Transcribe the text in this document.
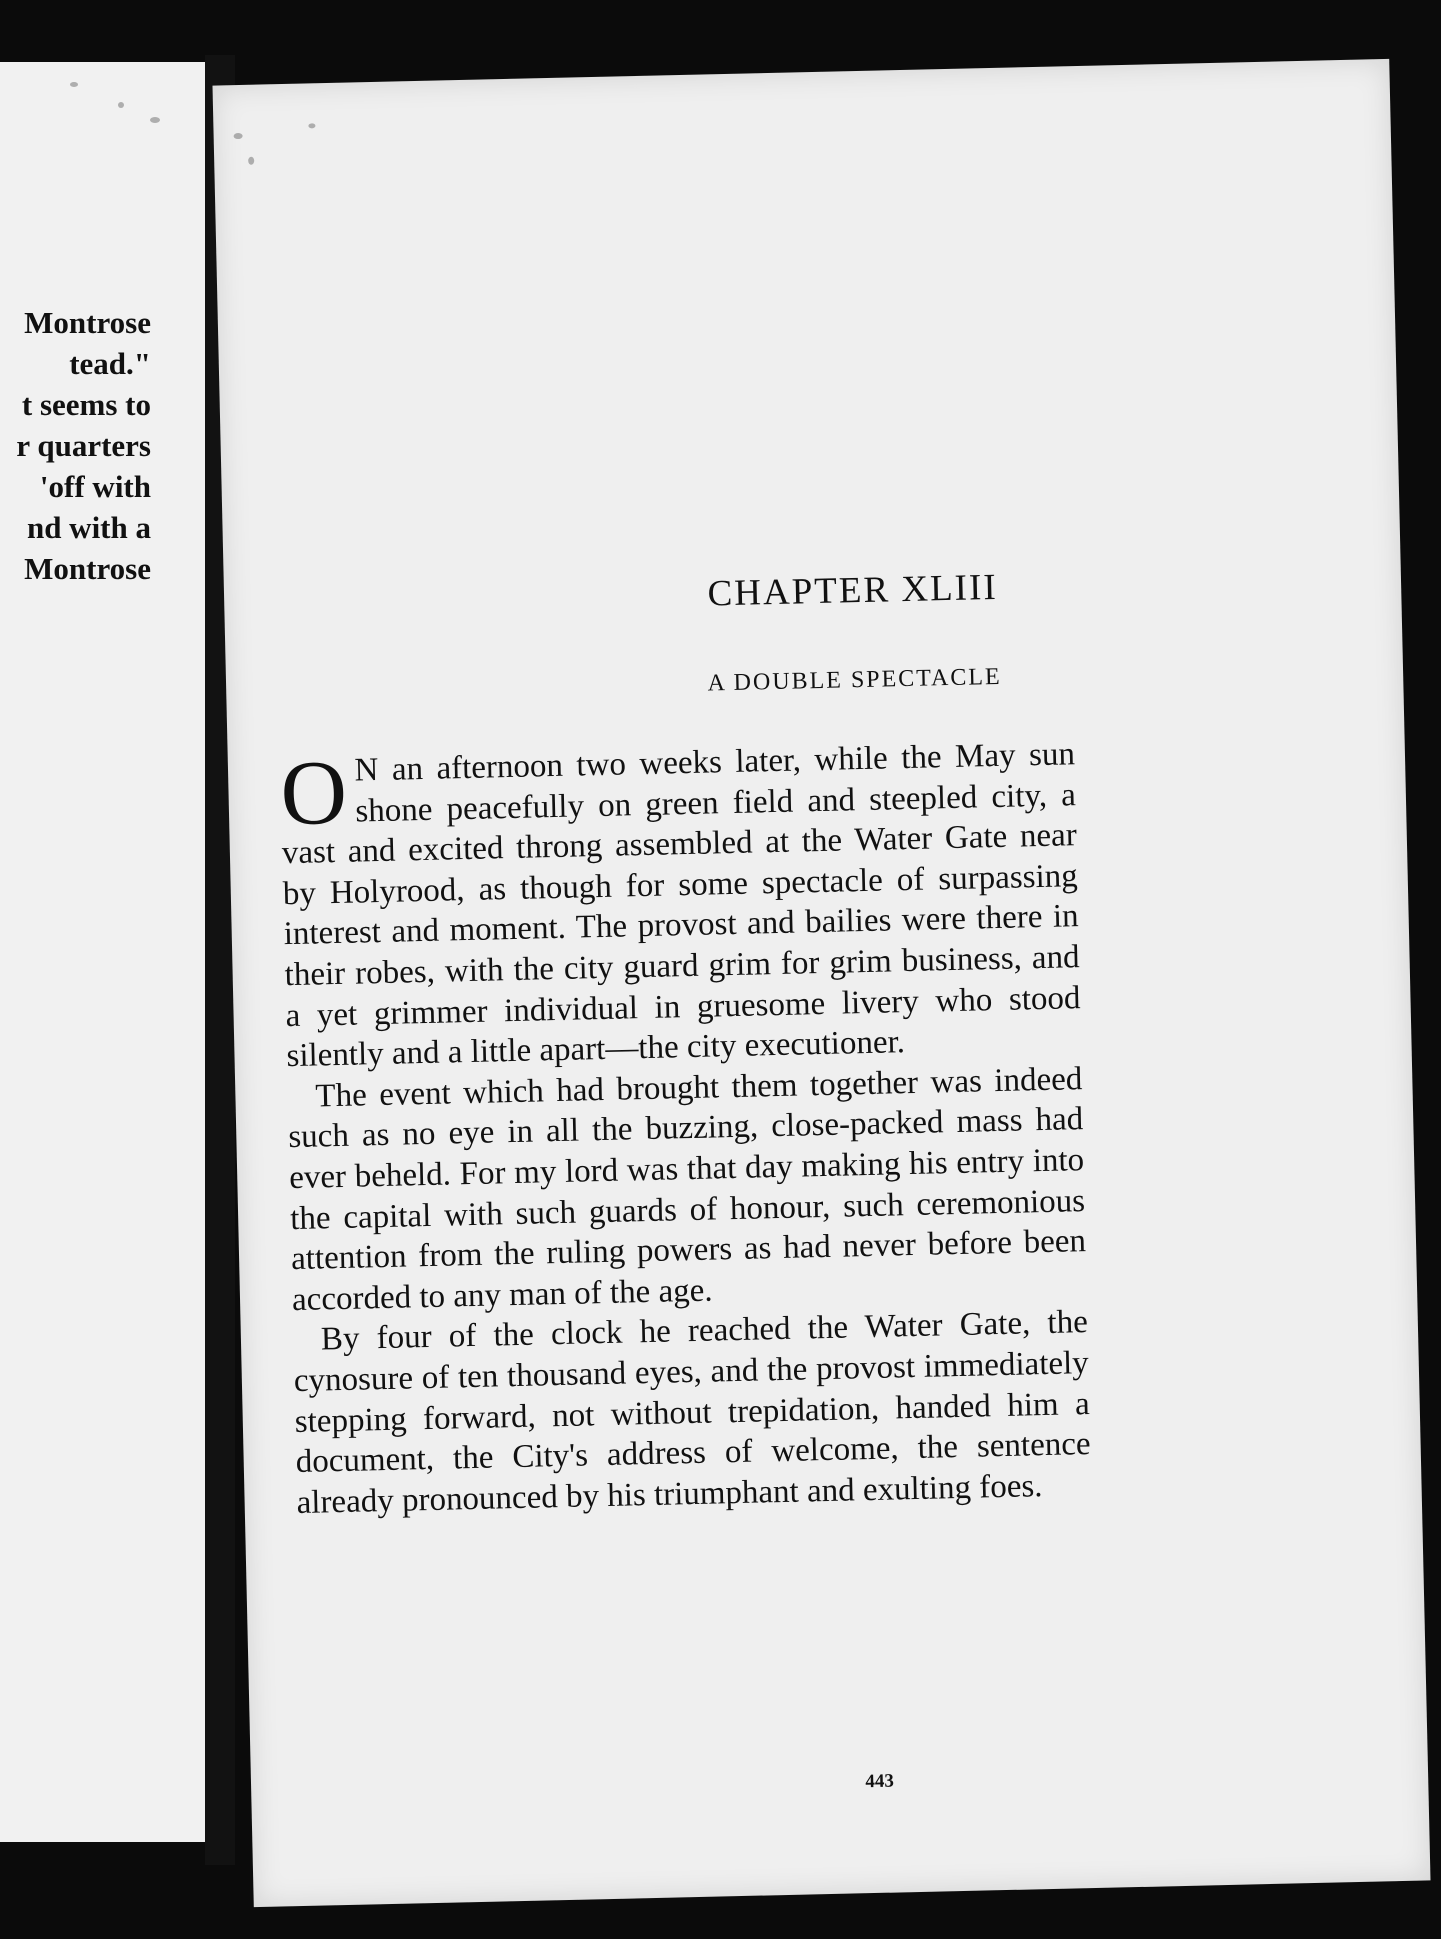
Montrose
tead."
t seems to
r quarters
'off with
nd with a
Montrose	CHAPTER XLIII
A DOUBLE SPECTACLE

O N an afternoon two weeks later, while the May sun shone peacefully on green field and steepled city, a vast and excited throng assembled at the Water Gate near by Holyrood, as though for some spectacle of surpassing interest and moment. The provost and bailies were there in their robes, with the city guard grim for grim business, and a yet grimmer individual in gruesome livery who stood silently and a little apart—the city executioner.

The event which had brought them together was indeed such as no eye in all the buzzing, close-packed mass had ever beheld. For my lord was that day making his entry into the capital with such guards of honour, such ceremonious attention from the ruling powers as had never before been accorded to any man of the age.

By four of the clock he reached the Water Gate, the cynosure of ten thousand eyes, and the provost immediately stepping forward, not without trepidation, handed him a document, the City's address of welcome, the sentence already pronounced by his triumphant and exulting foes.

443
